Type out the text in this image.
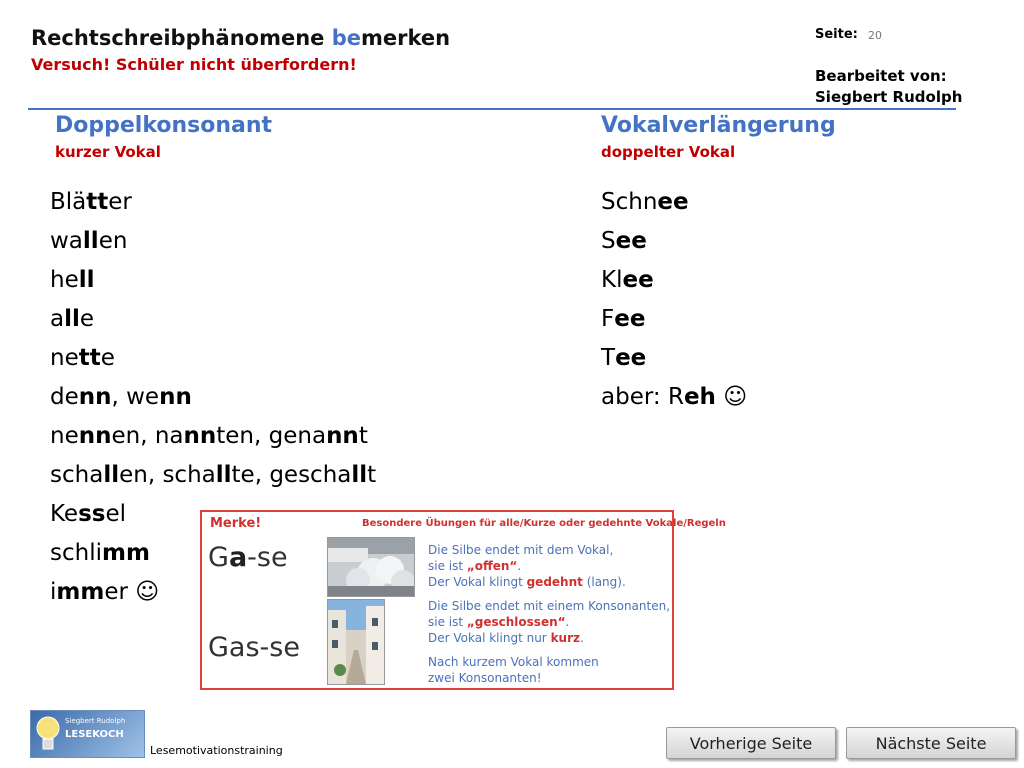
Rechtschreibphänomene bemerken
Versuch! Schüler nicht überfordern!
Seite: 20
Bearbeitet von:
Siegbert Rudolph
Doppelkonsonant
kurzer Vokal
Blätter
wallen
hell
alle
nette
denn, wenn
nennen, nannten, genannt
schallen, schallte, geschallt
Kessel
schlimm
immer ☺
Vokalverlängerung
doppelter Vokal
Schnee
See
Klee
Fee
Tee
aber: Reh ☺
Merke!	Besondere Übungen für alle/Kurze oder gedehnte Vokale/Regeln
Ga-se	Die Silbe endet mit dem Vokal,
sie ist „offen“.
Der Vokal klingt gedehnt (lang).
Gas-se
Die Silbe endet mit einem Konsonanten,
sie ist „geschlossen“.
Der Vokal klingt nur kurz.
Nach kurzem Vokal kommen
zwei Konsonanten!
Siegbert Rudolph
LESEKOCH
Lesemotivationstraining	Vorherige Seite	Nächste Seite
